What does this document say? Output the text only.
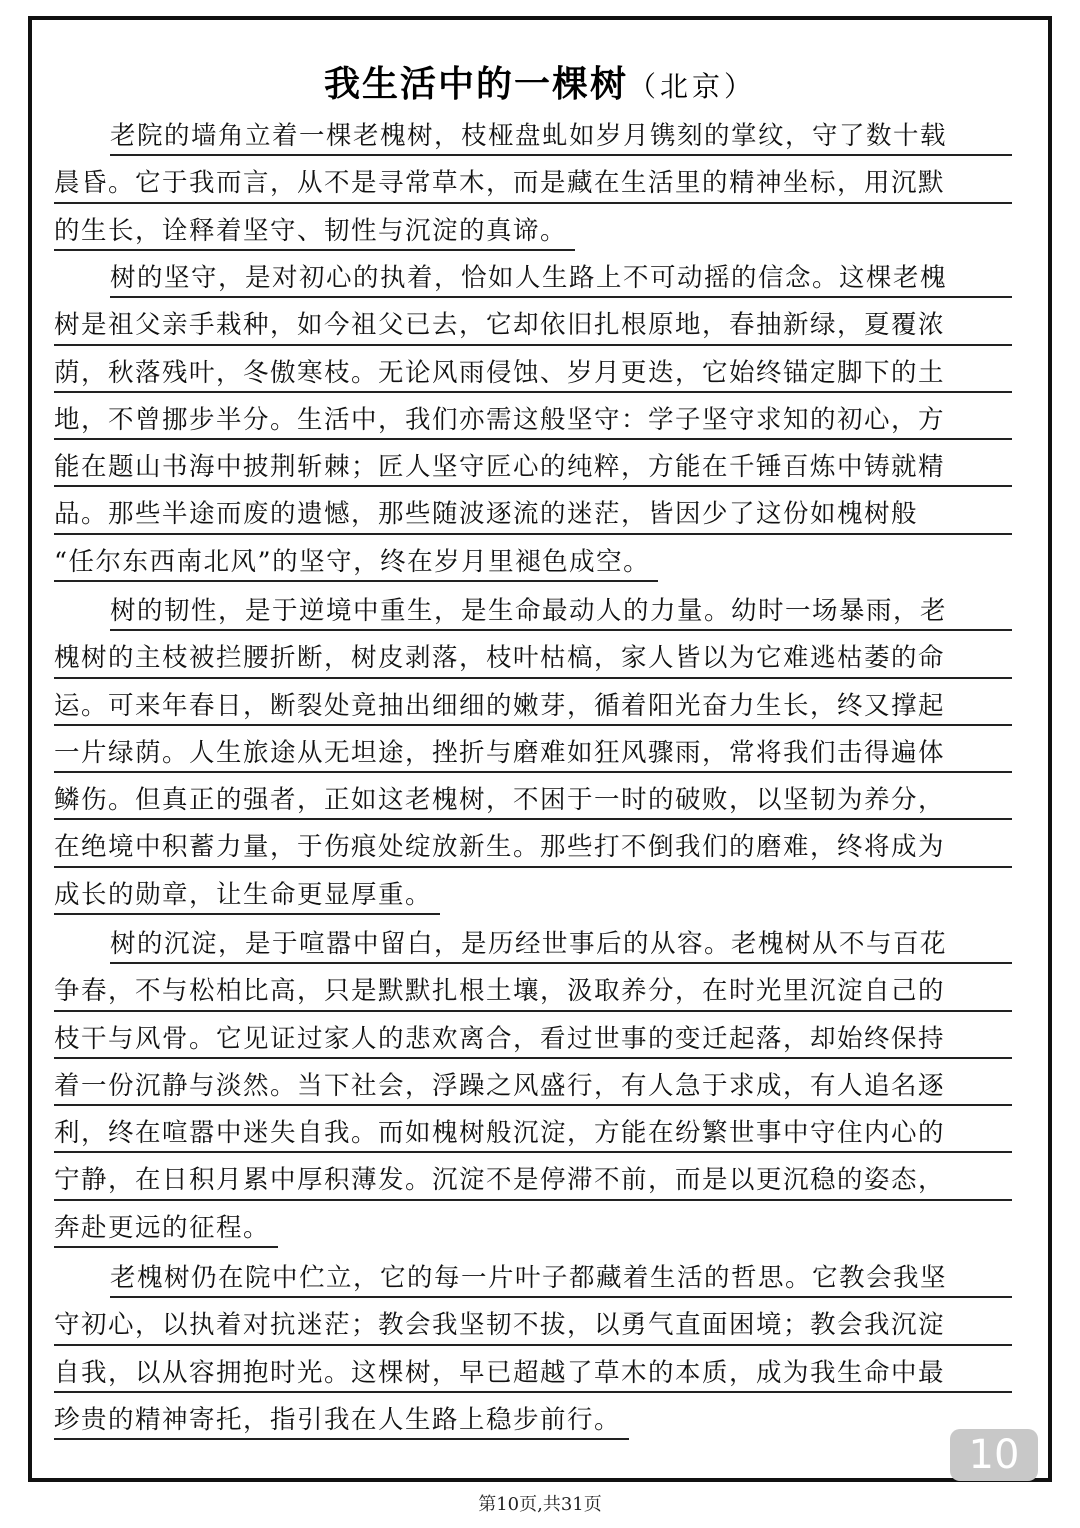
我生活中的一棵树（北京）
老院的墙角立着一棵老槐树，枝桠盘虬如岁月镌刻的掌纹，守了数十载
晨昏。它于我而言，从不是寻常草木，而是藏在生活里的精神坐标，用沉默
的生长，诠释着坚守、韧性与沉淀的真谛。
树的坚守，是对初心的执着，恰如人生路上不可动摇的信念。这棵老槐
树是祖父亲手栽种，如今祖父已去，它却依旧扎根原地，春抽新绿，夏覆浓
荫，秋落残叶，冬傲寒枝。无论风雨侵蚀、岁月更迭，它始终锚定脚下的土
地，不曾挪步半分。生活中，我们亦需这般坚守：学子坚守求知的初心，方
能在题山书海中披荆斩棘；匠人坚守匠心的纯粹，方能在千锤百炼中铸就精
品。那些半途而废的遗憾，那些随波逐流的迷茫，皆因少了这份如槐树般
“任尔东西南北风”的坚守，终在岁月里褪色成空。
树的韧性，是于逆境中重生，是生命最动人的力量。幼时一场暴雨，老
槐树的主枝被拦腰折断，树皮剥落，枝叶枯槁，家人皆以为它难逃枯萎的命
运。可来年春日，断裂处竟抽出细细的嫩芽，循着阳光奋力生长，终又撑起
一片绿荫。人生旅途从无坦途，挫折与磨难如狂风骤雨，常将我们击得遍体
鳞伤。但真正的强者，正如这老槐树，不困于一时的破败，以坚韧为养分，
在绝境中积蓄力量，于伤痕处绽放新生。那些打不倒我们的磨难，终将成为
成长的勋章，让生命更显厚重。
树的沉淀，是于喧嚣中留白，是历经世事后的从容。老槐树从不与百花
争春，不与松柏比高，只是默默扎根土壤，汲取养分，在时光里沉淀自己的
枝干与风骨。它见证过家人的悲欢离合，看过世事的变迁起落，却始终保持
着一份沉静与淡然。当下社会，浮躁之风盛行，有人急于求成，有人追名逐
利，终在喧嚣中迷失自我。而如槐树般沉淀，方能在纷繁世事中守住内心的
宁静，在日积月累中厚积薄发。沉淀不是停滞不前，而是以更沉稳的姿态，
奔赴更远的征程。
老槐树仍在院中伫立，它的每一片叶子都藏着生活的哲思。它教会我坚
守初心，以执着对抗迷茫；教会我坚韧不拔，以勇气直面困境；教会我沉淀
自我，以从容拥抱时光。这棵树，早已超越了草木的本质，成为我生命中最
珍贵的精神寄托，指引我在人生路上稳步前行。
10
第10页,共31页
